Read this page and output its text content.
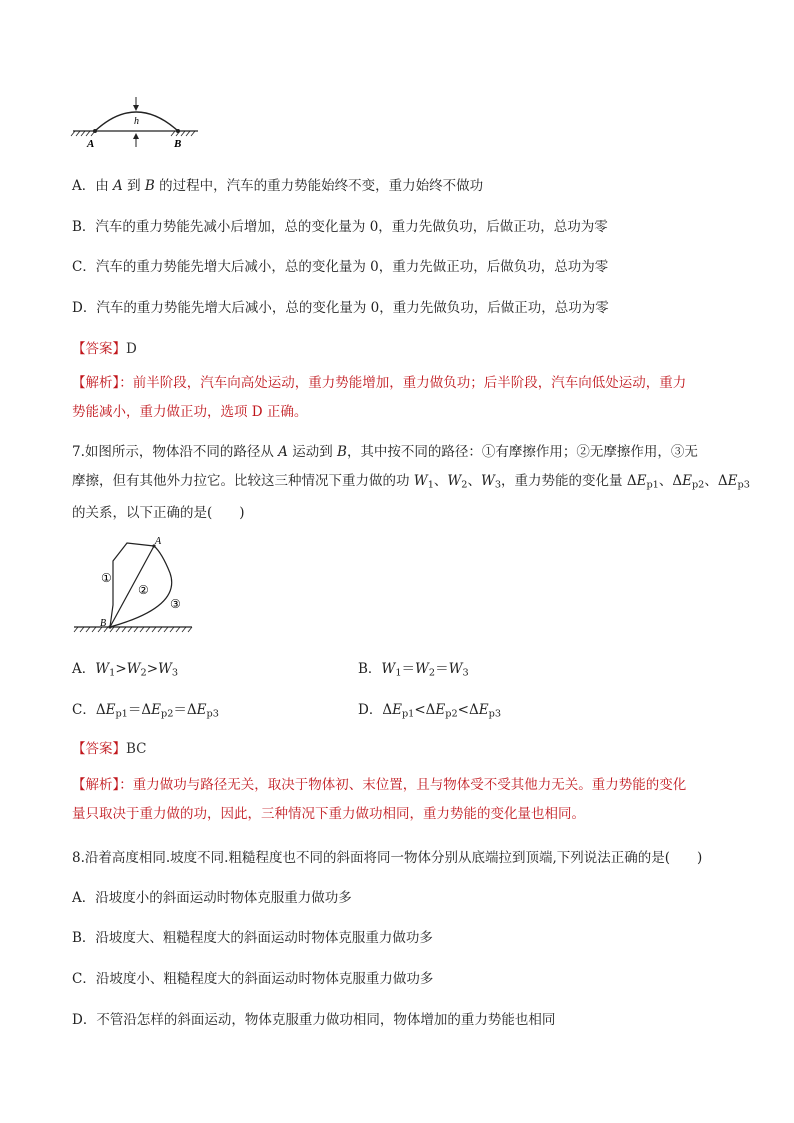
h
A	B
A．由 A 到 B 的过程中，汽车的重力势能始终不变，重力始终不做功
B．汽车的重力势能先减小后增加，总的变化量为 0，重力先做负功，后做正功，总功为零
C．汽车的重力势能先增大后减小，总的变化量为 0，重力先做正功，后做负功，总功为零
D．汽车的重力势能先增大后减小，总的变化量为 0，重力先做负功，后做正功，总功为零
【答案】D
【解析】：前半阶段，汽车向高处运动，重力势能增加，重力做负功；后半阶段，汽车向低处运动，重力
势能减小，重力做正功，选项 D 正确。
7.如图所示，物体沿不同的路径从 A 运动到 B，其中按不同的路径：①有摩擦作用；②无摩擦作用，③无
摩擦，但有其他外力拉它。比较这三种情况下重力做的功 $W_1$、$W_2$、$W_3$，重力势能的变化量 $\Delta E_{p1}$、$\Delta E_{p2}$、$\Delta E_{p3}$
的关系，以下正确的是(　　)
A
B
①
②
③
A．$W_1>W_2>W_3$	B．$W_1=W_2=W_3$
C．$\Delta E_{p1}=\Delta E_{p2}=\Delta E_{p3}$	D．$\Delta E_{p1}<\Delta E_{p2}<\Delta E_{p3}$
【答案】BC
【解析】：重力做功与路径无关，取决于物体初、末位置，且与物体受不受其他力无关。重力势能的变化
量只取决于重力做的功，因此，三种情况下重力做功相同，重力势能的变化量也相同。
8.沿着高度相同.坡度不同.粗糙程度也不同的斜面将同一物体分别从底端拉到顶端,下列说法正确的是(　　)
A．沿坡度小的斜面运动时物体克服重力做功多
B．沿坡度大、粗糙程度大的斜面运动时物体克服重力做功多
C．沿坡度小、粗糙程度大的斜面运动时物体克服重力做功多
D．不管沿怎样的斜面运动，物体克服重力做功相同，物体增加的重力势能也相同
